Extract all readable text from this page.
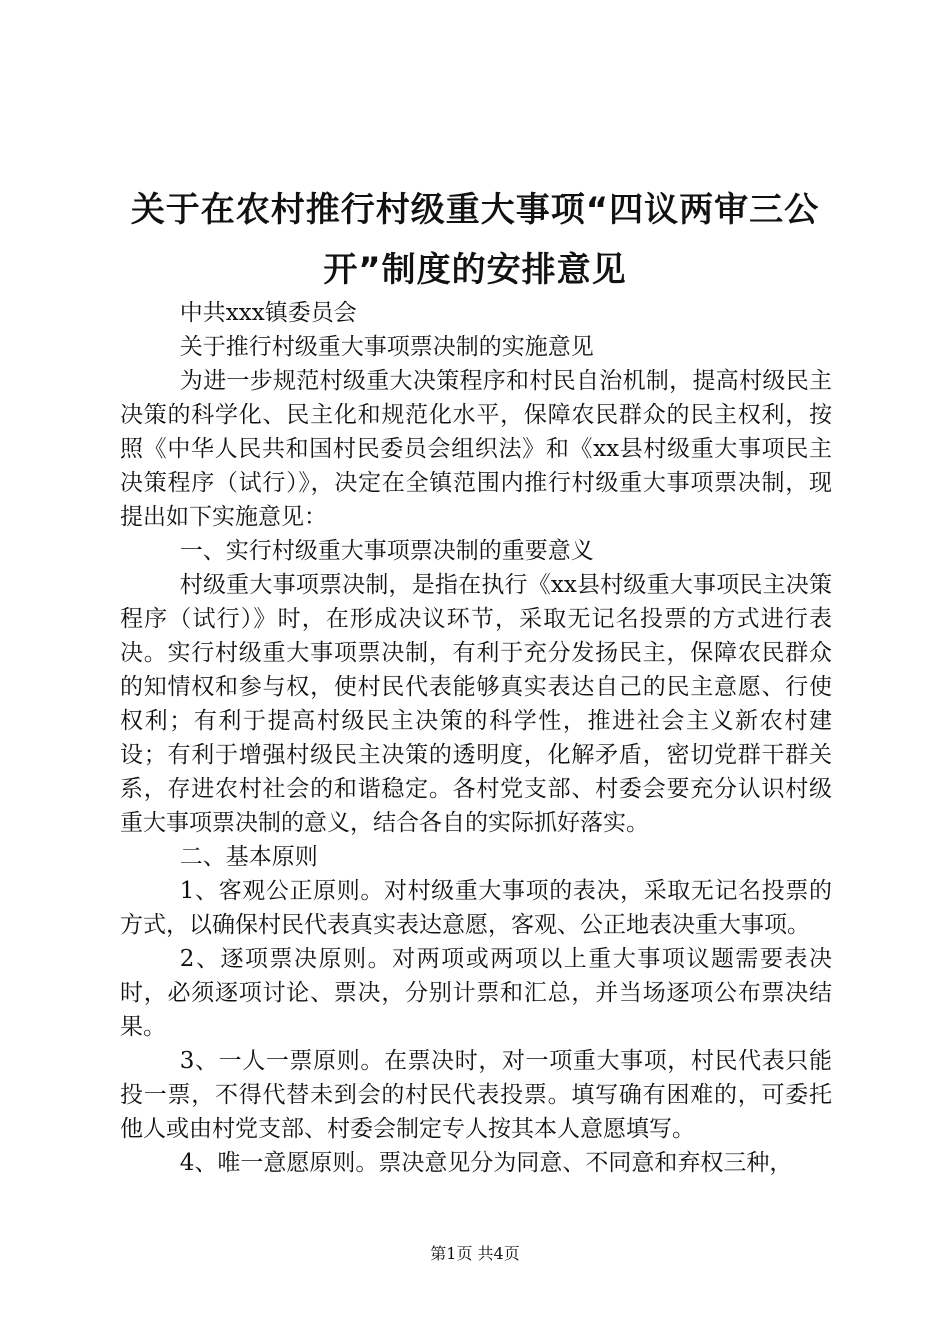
关于在农村推行村级重大事项“四议两审三公开”制度的安排意见

中共xxx镇委员会

关于推行村级重大事项票决制的实施意见

为进一步规范村级重大决策程序和村民自治机制，提高村级民主决策的科学化、民主化和规范化水平，保障农民群众的民主权利，按照《中华人民共和国村民委员会组织法》和《xx县村级重大事项民主决策程序（试行）》，决定在全镇范围内推行村级重大事项票决制，现提出如下实施意见：

一、实行村级重大事项票决制的重要意义

村级重大事项票决制，是指在执行《xx县村级重大事项民主决策程序（试行）》时，在形成决议环节，采取无记名投票的方式进行表决。实行村级重大事项票决制，有利于充分发扬民主，保障农民群众的知情权和参与权，使村民代表能够真实表达自己的民主意愿、行使权利；有利于提高村级民主决策的科学性，推进社会主义新农村建设；有利于增强村级民主决策的透明度，化解矛盾，密切党群干群关系，存进农村社会的和谐稳定。各村党支部、村委会要充分认识村级重大事项票决制的意义，结合各自的实际抓好落实。

二、基本原则

1、客观公正原则。对村级重大事项的表决，采取无记名投票的方式，以确保村民代表真实表达意愿，客观、公正地表决重大事项。

2、逐项票决原则。对两项或两项以上重大事项议题需要表决时，必须逐项讨论、票决，分别计票和汇总，并当场逐项公布票决结果。

3、一人一票原则。在票决时，对一项重大事项，村民代表只能投一票，不得代替未到会的村民代表投票。填写确有困难的，可委托他人或由村党支部、村委会制定专人按其本人意愿填写。

4、唯一意愿原则。票决意见分为同意、不同意和弃权三种，

第1页 共4页
